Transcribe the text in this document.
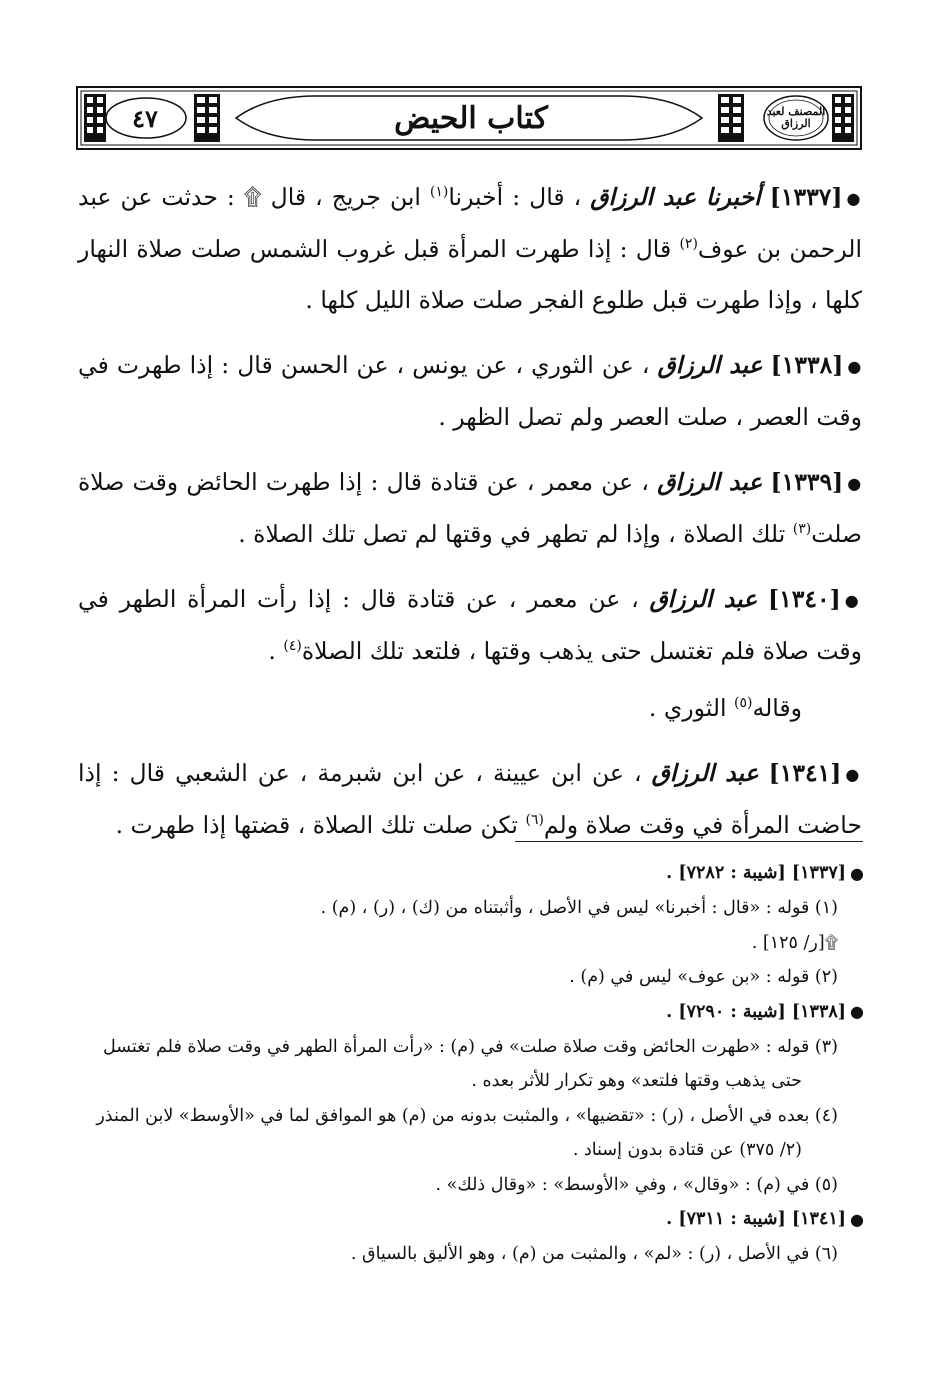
٤٧	كتاب الحيض	المصنف لعبد الرزاق

●[١٣٣٧] أخبرنا عبد الرزاق ، قال : أخبرنا$^{(١)}$ ابن جريج ، قال ۩ : حدثت عن عبد الرحمن بن عوف$^{(٢)}$ قال : إذا طهرت المرأة قبل غروب الشمس صلت صلاة النهار كلها ، وإذا طهرت قبل طلوع الفجر صلت صلاة الليل كلها .

●[١٣٣٨] عبد الرزاق ، عن الثوري ، عن يونس ، عن الحسن قال : إذا طهرت في وقت العصر ، صلت العصر ولم تصل الظهر .

●[١٣٣٩] عبد الرزاق ، عن معمر ، عن قتادة قال : إذا طهرت الحائض وقت صلاة صلت$^{(٣)}$ تلك الصلاة ، وإذا لم تطهر في وقتها لم تصل تلك الصلاة .

●[١٣٤٠] عبد الرزاق ، عن معمر ، عن قتادة قال : إذا رأت المرأة الطهر في وقت صلاة فلم تغتسل حتى يذهب وقتها ، فلتعد تلك الصلاة$^{(٤)}$ .

وقاله$^{(٥)}$ الثوري .

●[١٣٤١] عبد الرزاق ، عن ابن عيينة ، عن ابن شبرمة ، عن الشعبي قال : إذا حاضت المرأة في وقت صلاة ولم$^{(٦)}$ تكن صلت تلك الصلاة ، قضتها إذا طهرت .

●[١٣٣٧] [شيبة : ٧٢٨٢] .
(١) قوله : «قال : أخبرنا» ليس في الأصل ، وأثبتناه من (ك) ، (ر) ، (م) .
۩[ر/ ١٢٥] .
(٢) قوله : «بن عوف» ليس في (م) .
●[١٣٣٨] [شيبة : ٧٢٩٠] .
(٣) قوله : «طهرت الحائض وقت صلاة صلت» في (م) : «رأت المرأة الطهر في وقت صلاة فلم تغتسل
حتى يذهب وقتها فلتعد» وهو تكرار للأثر بعده .
(٤) بعده في الأصل ، (ر) : «تقضيها» ، والمثبت بدونه من (م) هو الموافق لما في «الأوسط» لابن المنذر
(٢/ ٣٧٥) عن قتادة بدون إسناد .
(٥) في (م) : «وقال» ، وفي «الأوسط» : «وقال ذلك» .
●[١٣٤١] [شيبة : ٧٣١١] .
(٦) في الأصل ، (ر) : «لم» ، والمثبت من (م) ، وهو الأليق بالسياق .
